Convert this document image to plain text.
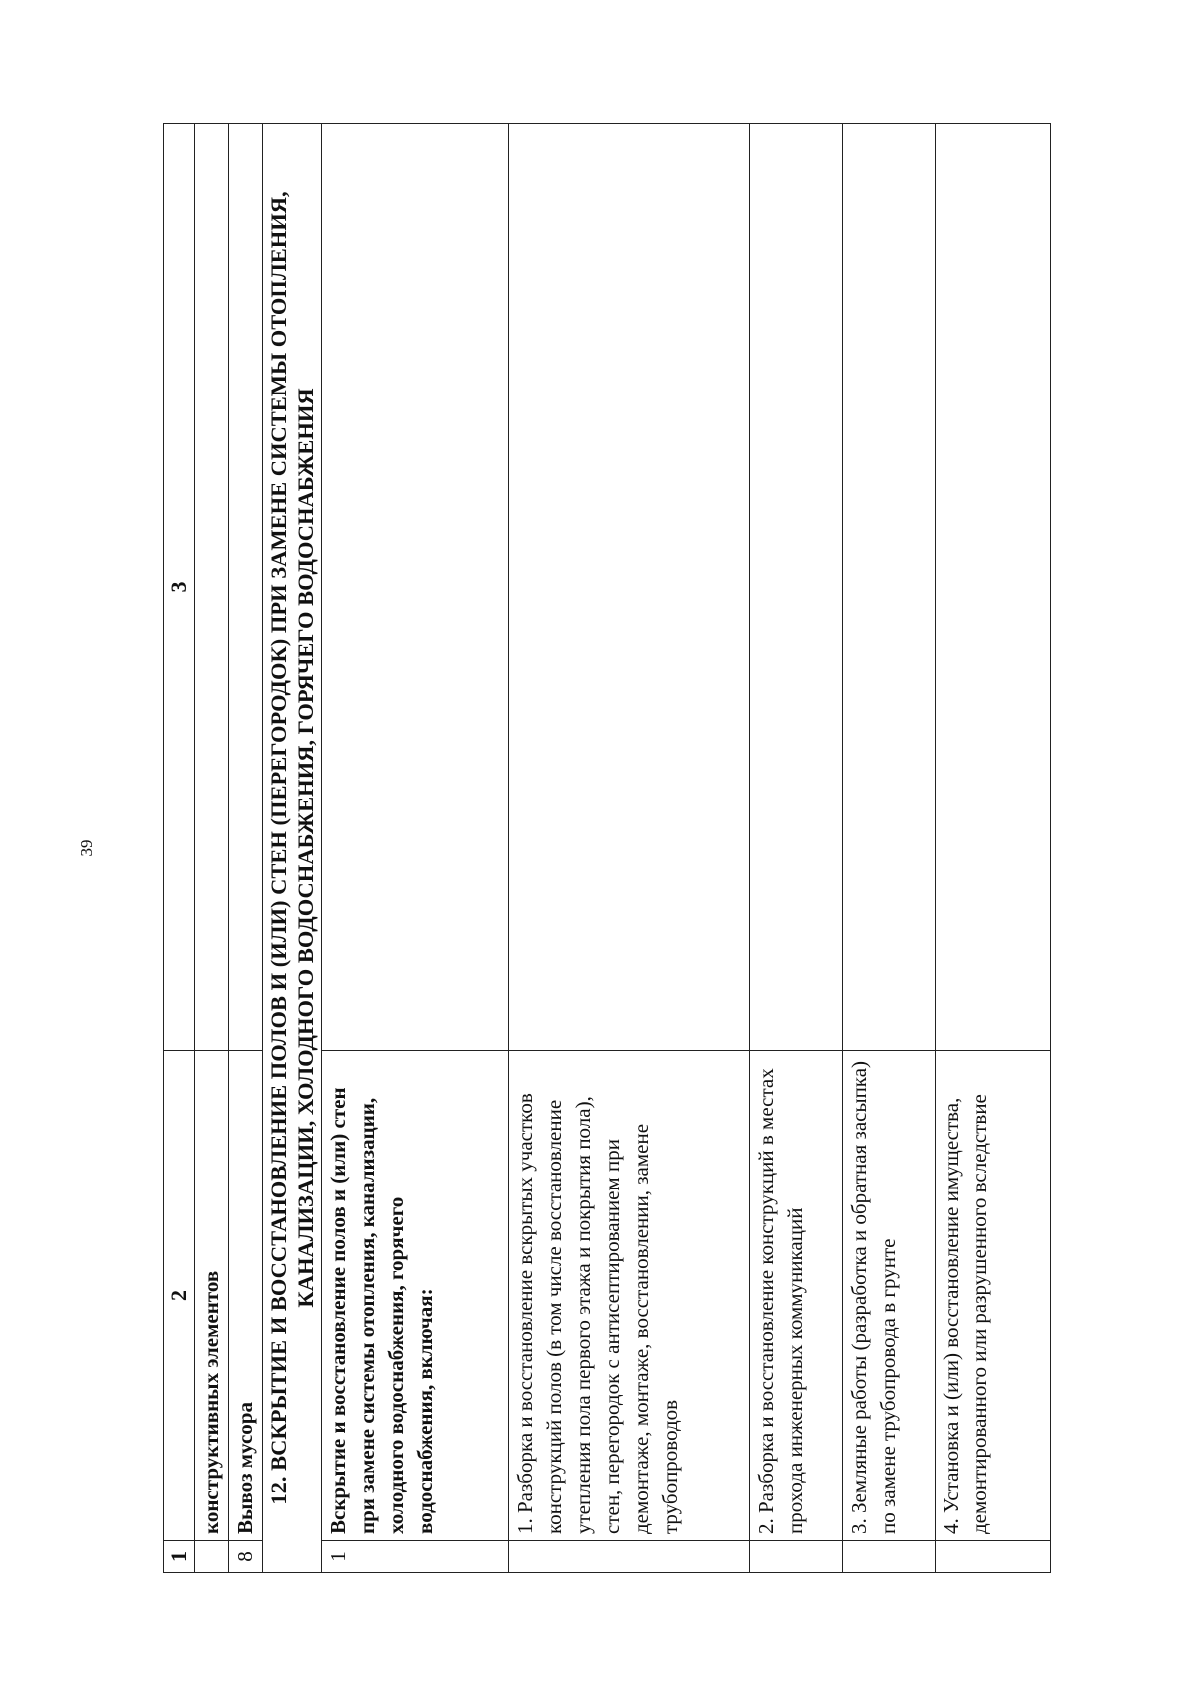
39
1	2	3
	конструктивных элементов	
8	Вывоз мусора	
12. ВСКРЫТИЕ И ВОССТАНОВЛЕНИЕ ПОЛОВ И (ИЛИ) СТЕН (ПЕРЕГОРОДОК) ПРИ ЗАМЕНЕ СИСТЕМЫ ОТОПЛЕНИЯ, КАНАЛИЗАЦИИ, ХОЛОДНОГО ВОДОСНАБЖЕНИЯ, ГОРЯЧЕГО ВОДОСНАБЖЕНИЯ		
1	Вскрытие и восстановление полов и (или) стен при замене системы отопления, канализации, холодного водоснабжения, горячего водоснабжения, включая:	
	1. Разборка и восстановление вскрытых участков конструкций полов (в том числе восстановление утепления пола первого этажа и покрытия пола), стен, перегородок с антисептированием при демонтаже, монтаже, восстановлении, замене трубопроводов	
	2. Разборка и восстановление конструкций в местах прохода инженерных коммуникаций	
	3. Земляные работы (разработка и обратная засыпка) по замене трубопровода в грунте	
	4. Установка и (или) восстановление имущества, демонтированного или разрушенного вследствие	
